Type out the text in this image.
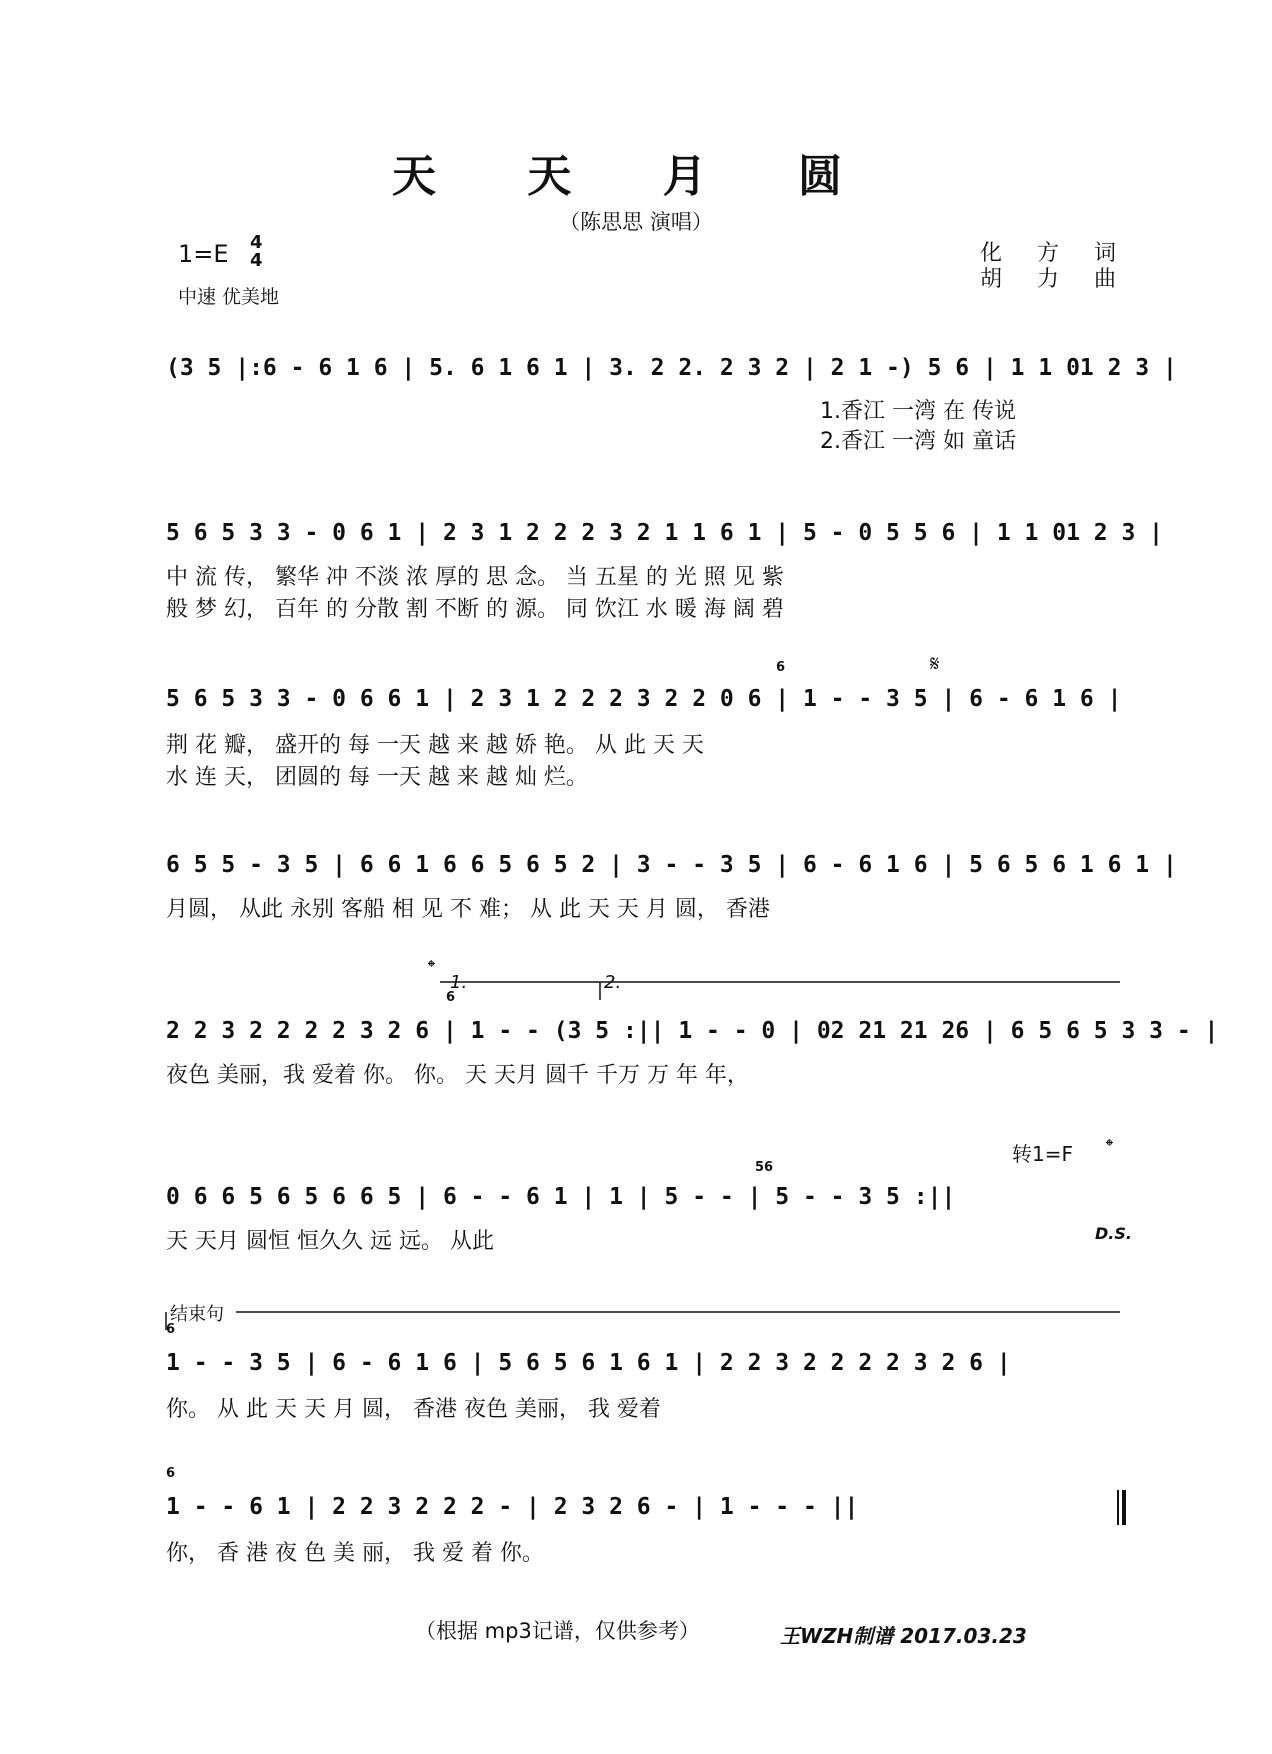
天 天 月 圆
（陈思思 演唱）
1=E 4
4
中速 优美地
化 方 词
胡 力 曲
(3 5 |:6 - 6 1 6 | 5. 6 1 6 1 | 3. 2 2. 2 3 2 | 2 1 -) 5 6 | 1 1 01 2 3 |
1.香江 一湾 在 传说
2.香江 一湾 如 童话
5 6 5 3 3 - 0 6 1 | 2 3 1 2 2 2 3 2 1 1 6 1 | 5 - 0 5 5 6 | 1 1 01 2 3 |
中 流 传， 繁华 冲 不淡 浓 厚的 思 念。 当 五星 的 光 照 见 紫
般 梦 幻， 百年 的 分散 割 不断 的 源。 同 饮江 水 暖 海 阔 碧
5 6 5 3 3 - 0 6 6 1 | 2 3 1 2 2 2 3 2 2 0 6 | 1 - - 3 5 | 6 - 6 1 6 |
荆 花 瓣， 盛开的 每 一天 越 来 越 娇 艳。 从 此 天 天
水 连 天， 团圆的 每 一天 越 来 越 灿 烂。
𝄋
6
6 5 5 - 3 5 | 6 6 1 6 6 5 6 5 2 | 3 - - 3 5 | 6 - 6 1 6 | 5 6 5 6 1 6 1 |
月圆， 从此 永别 客船 相 见 不 难； 从 此 天 天 月 圆， 香港
2 2 3 2 2 2 2 3 2 6 | 1 - - (3 5 :|| 1 - - 0 | 02 21 21 26 | 6 5 6 5 3 3 - |
夜色 美丽，我 爱着 你。 你。 天 天月 圆千 千万 万 年 年，
𝄌
1.	2.
6
0 6 6 5 6 5 6 6 5 | 6 - - 6 1 | 1 | 5 - - | 5 - - 3 5 :||
天 天月 圆恒 恒久久 远 远。 从此
转1=F 𝄌
56
D.S.
结束句
6
1 - - 3 5 | 6 - 6 1 6 | 5 6 5 6 1 6 1 | 2 2 3 2 2 2 2 3 2 6 |
你。 从 此 天 天 月 圆， 香港 夜色 美丽， 我 爱着
6
1 - - 6 1 | 2 2 3 2 2 2 - | 2 3 2 6 - | 1 - - - ||
你， 香 港 夜 色 美 丽， 我 爱 着 你。
（根据 mp3记谱，仅供参考）	王WZH制谱 2017.03.23
